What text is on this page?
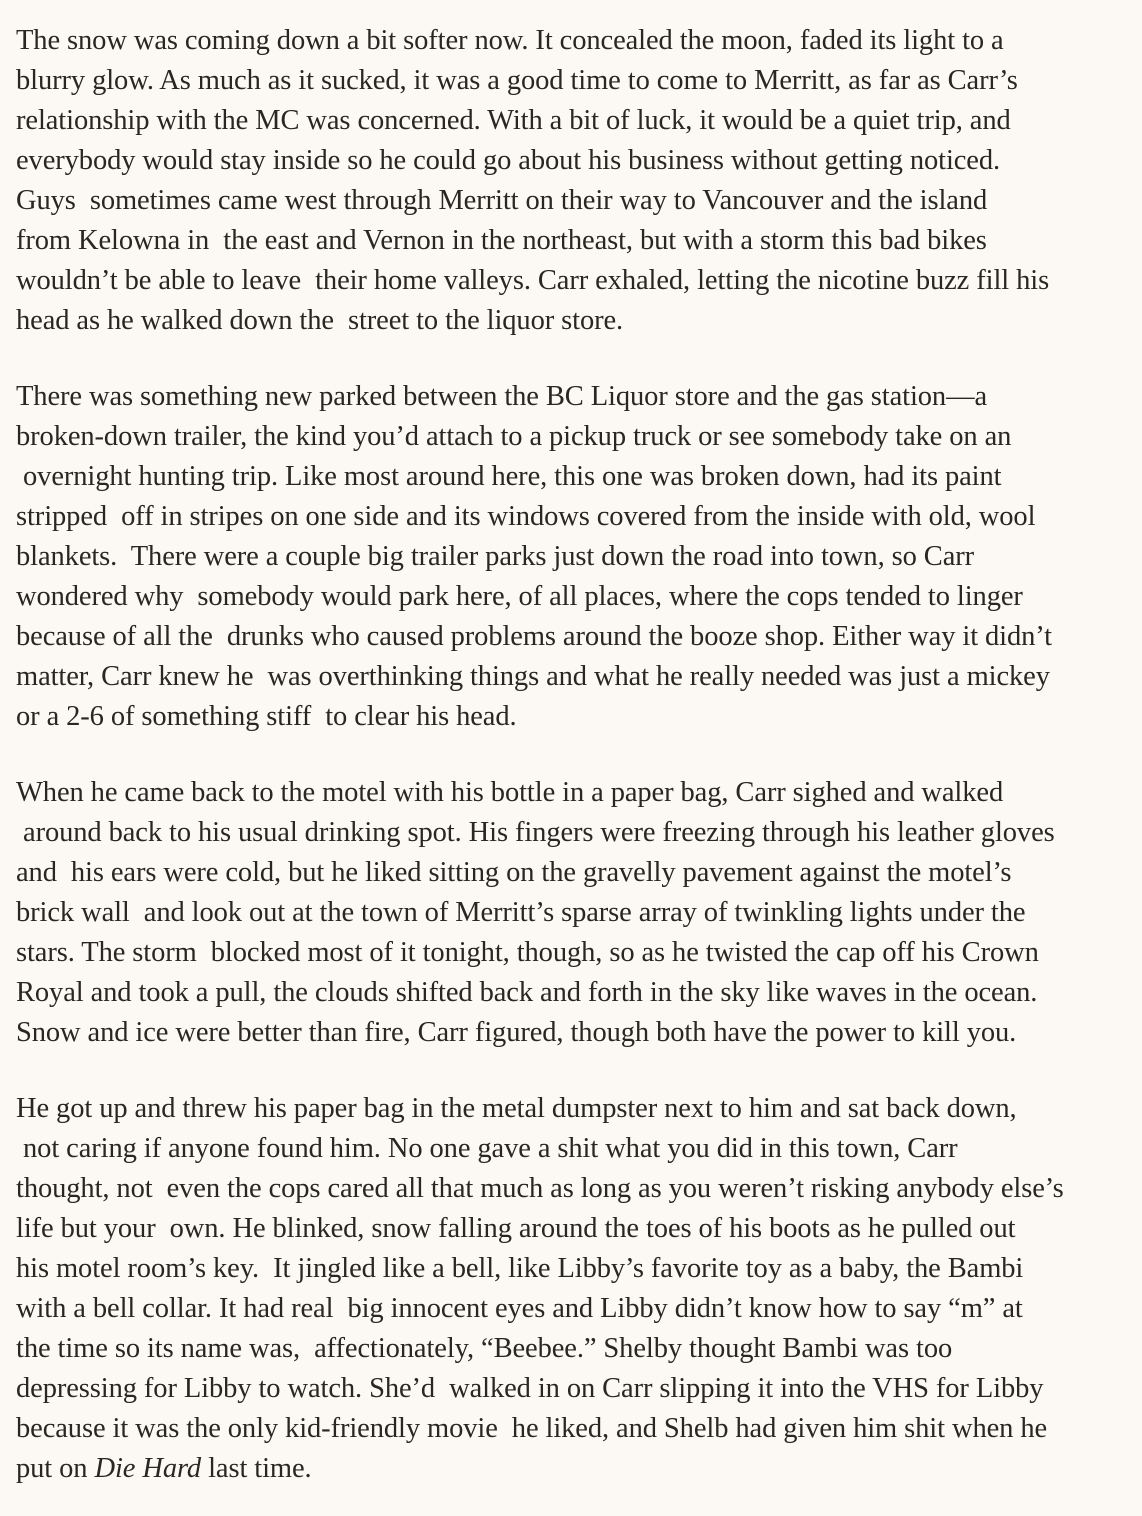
The snow was coming down a bit softer now. It concealed the moon, faded its light to a
blurry glow. As much as it sucked, it was a good time to come to Merritt, as far as Carr’s
relationship with the MC was concerned. With a bit of luck, it would be a quiet trip, and
everybody would stay inside so he could go about his business without getting noticed.
Guys  sometimes came west through Merritt on their way to Vancouver and the island
from Kelowna in  the east and Vernon in the northeast, but with a storm this bad bikes
wouldn’t be able to leave  their home valleys. Carr exhaled, letting the nicotine buzz fill his
head as he walked down the  street to the liquor store.
There was something new parked between the BC Liquor store and the gas station—a
broken-down trailer, the kind you’d attach to a pickup truck or see somebody take on an
overnight hunting trip. Like most around here, this one was broken down, had its paint
stripped  off in stripes on one side and its windows covered from the inside with old, wool
blankets.  There were a couple big trailer parks just down the road into town, so Carr
wondered why  somebody would park here, of all places, where the cops tended to linger
because of all the  drunks who caused problems around the booze shop. Either way it didn’t
matter, Carr knew he  was overthinking things and what he really needed was just a mickey
or a 2-6 of something stiff  to clear his head.
When he came back to the motel with his bottle in a paper bag, Carr sighed and walked
around back to his usual drinking spot. His fingers were freezing through his leather gloves
and  his ears were cold, but he liked sitting on the gravelly pavement against the motel’s
brick wall  and look out at the town of Merritt’s sparse array of twinkling lights under the
stars. The storm  blocked most of it tonight, though, so as he twisted the cap off his Crown
Royal and took a pull, the clouds shifted back and forth in the sky like waves in the ocean.
Snow and ice were better than fire, Carr figured, though both have the power to kill you.
He got up and threw his paper bag in the metal dumpster next to him and sat back down,
not caring if anyone found him. No one gave a shit what you did in this town, Carr
thought, not  even the cops cared all that much as long as you weren’t risking anybody else’s
life but your  own. He blinked, snow falling around the toes of his boots as he pulled out
his motel room’s key.  It jingled like a bell, like Libby’s favorite toy as a baby, the Bambi
with a bell collar. It had real  big innocent eyes and Libby didn’t know how to say “m” at
the time so its name was,  affectionately, “Beebee.” Shelby thought Bambi was too
depressing for Libby to watch. She’d  walked in on Carr slipping it into the VHS for Libby
because it was the only kid-friendly movie  he liked, and Shelb had given him shit when he
put on Die Hard last time.
